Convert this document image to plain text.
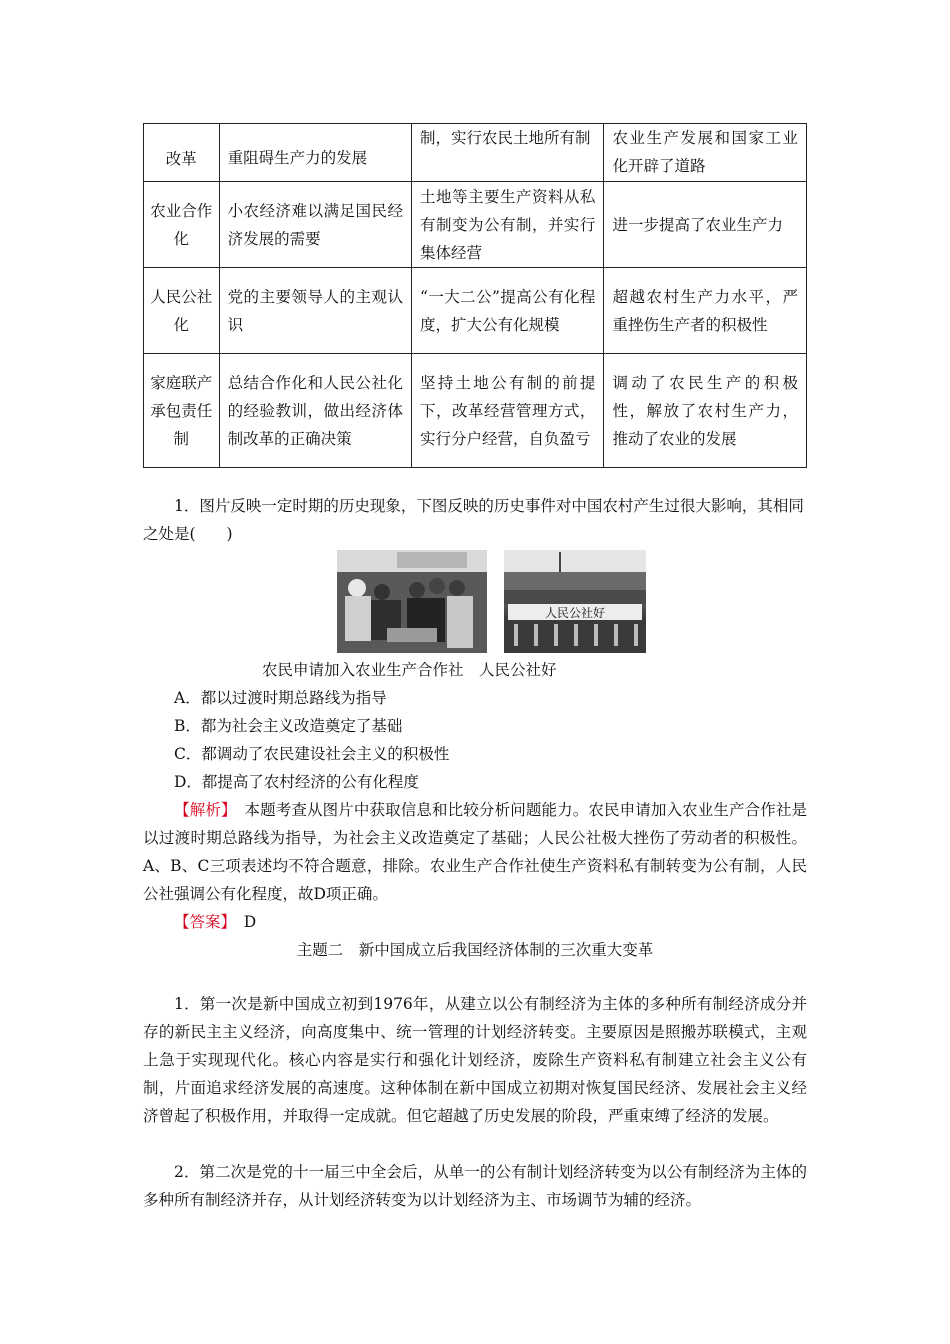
改革	重阻碍生产力的发展	制，实行农民土地所有制	农业生产发展和国家工业化开辟了道路
农业合作化	小农经济难以满足国民经济发展的需要	土地等主要生产资料从私有制变为公有制，并实行集体经营	进一步提高了农业生产力
人民公社化	党的主要领导人的主观认识	“一大二公”提高公有化程度，扩大公有化规模	超越农村生产力水平，严重挫伤生产者的积极性
家庭联产承包责任制	总结合作化和人民公社化的经验教训，做出经济体制改革的正确决策	坚持土地公有制的前提下，改革经营管理方式，实行分户经营，自负盈亏	调动了农民生产的积极性，解放了农村生产力，推动了农业的发展
1．图片反映一定时期的历史现象，下图反映的历史事件对中国农村产生过很大影响，其相同之处是(　　)
人民公社好
农民申请加入农业生产合作社　人民公社好
A．都以过渡时期总路线为指导
B．都为社会主义改造奠定了基础
C．都调动了农民建设社会主义的积极性
D．都提高了农村经济的公有化程度
【解析】　 本题考查从图片中获取信息和比较分析问题能力。农民申请加入农业生产合作社是以过渡时期总路线为指导，为社会主义改造奠定了基础；人民公社极大挫伤了劳动者的积极性。A、B、C三项表述均不符合题意，排除。农业生产合作社使生产资料私有制转变为公有制，人民公社强调公有化程度，故D项正确。
【答案】　 D
主题二　新中国成立后我国经济体制的三次重大变革
1．第一次是新中国成立初到1976年，从建立以公有制经济为主体的多种所有制经济成分并存的新民主主义经济，向高度集中、统一管理的计划经济转变。主要原因是照搬苏联模式，主观上急于实现现代化。核心内容是实行和强化计划经济，废除生产资料私有制建立社会主义公有制，片面追求经济发展的高速度。这种体制在新中国成立初期对恢复国民经济、发展社会主义经济曾起了积极作用，并取得一定成就。但它超越了历史发展的阶段，严重束缚了经济的发展。
2．第二次是党的十一届三中全会后，从单一的公有制计划经济转变为以公有制经济为主体的多种所有制经济并存，从计划经济转变为以计划经济为主、市场调节为辅的经济。
